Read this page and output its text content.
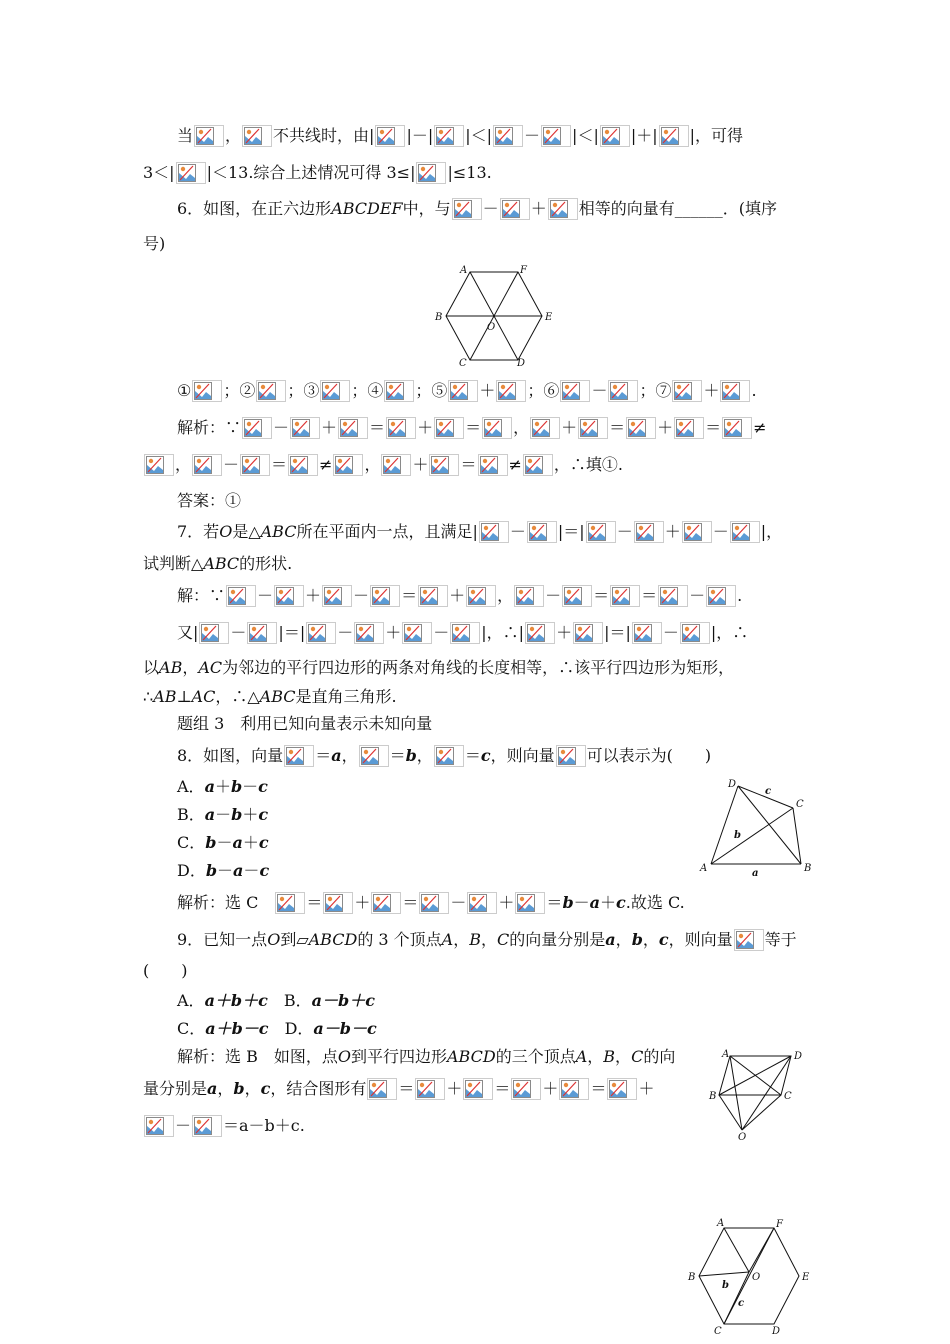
当 ， 不共线时，由| |－| |＜| － |＜| |＋| |，可得
3＜| |＜13.综合上述情况可得 3≤| |≤13.
6．如图，在正六边形 ABCDEF 中，与 － ＋ 相等的向量有______．(填序
号)
A	F
B	E
O
C	D
① ；② ；③ ；④ ；⑤ ＋ ；⑥ － ；⑦ ＋ .
解析：∵ － ＋ ＝ ＋ ＝ ， ＋ ＝ ＋ ＝ ≠
， － ＝ ≠ ， ＋ ＝ ≠ ，∴填①.
答案：①
7．若 O 是△ ABC 所在平面内一点，且满足| － |＝| － ＋ － |，
试判断△ ABC 的形状.
解：∵ － ＋ － ＝ ＋ ， － ＝ ＝ － .
又| － |＝| － ＋ － |，∴ | ＋ |＝| － |，∴
以 AB ， AC 为邻边的平行四边形的两条对角线的长度相等，∴该平行四边形为矩形，
∴ AB ⊥ AC ，∴△ ABC 是直角三角形.
题组 3　利用已知向量表示未知向量
8．如图，向量 ＝ a ， ＝ b ， ＝ c ，则向量 可以表示为(　　)
A． a ＋ b － c
B． a － b ＋ c
C． b － a ＋ c
D． b － a － c	A	B
C
D
a
b
c
解析：选 C　 ＝ ＋ ＝ － ＋ ＝ b － a ＋ c .故选 C.
9．已知一点 O 到▱ ABCD 的 3 个顶点 A ， B ， C 的向量分别是 a ， b ， c ，则向量 等于
(　　)
A． a＋b＋c 　B． a－b＋c
C． a＋b－c 　D． a－b－c
解析：选 B　如图，点 O 到平行四边形 ABCD 的三个顶点 A ， B ， C 的向
量分别是 a ， b ， c ，结合图形有 ＝ ＋ ＝ ＋ ＝ ＋
－ ＝a－b＋c.
A	D
B	C
O
A	F
B	E
O
b
c
C	D
